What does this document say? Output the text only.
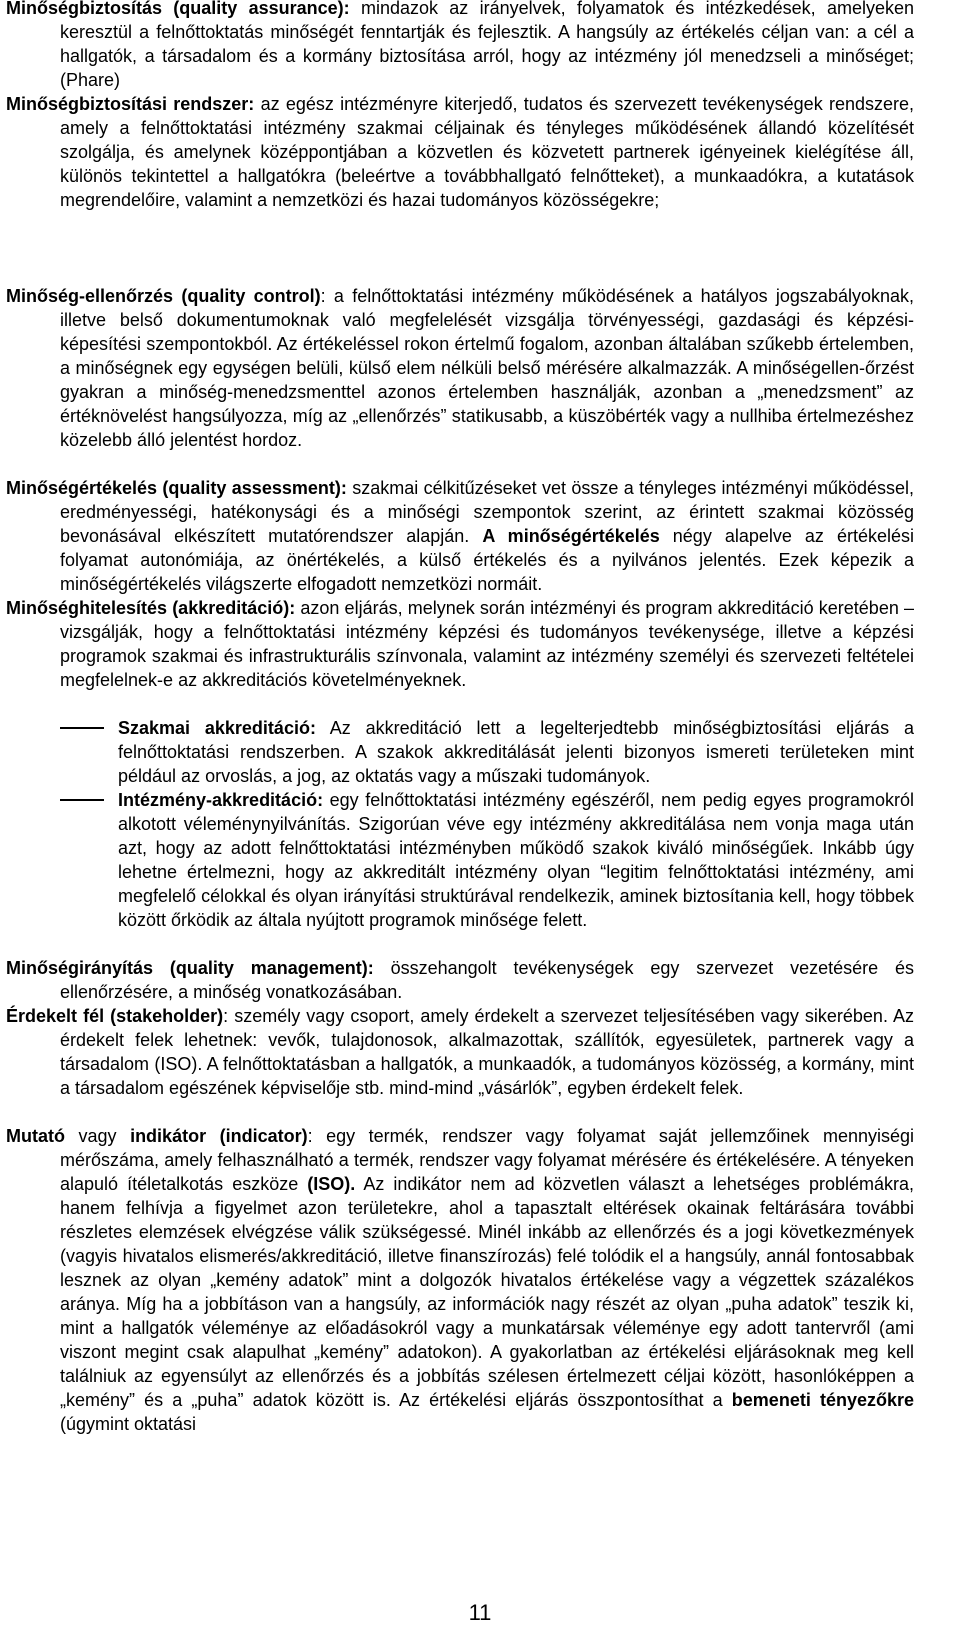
Minőségbiztosítás (quality assurance): mindazok az irányelvek, folyamatok és intézkedések, amelyeken keresztül a felnőttoktatás minőségét fenntartják és fejlesztik. A hangsúly az értékelés céljan van: a cél a hallgatók, a társadalom és a kormány biztosítása arról, hogy az intézmény jól menedzseli a minőséget; (Phare)

Minőségbiztosítási rendszer: az egész intézményre kiterjedő, tudatos és szervezett tevékenységek rendszere, amely a felnőttoktatási intézmény szakmai céljainak és tényleges működésének állandó közelítését szolgálja, és amelynek középpontjában a közvetlen és közvetett partnerek igényeinek kielégítése áll, különös tekintettel a hallgatókra (beleértve a továbbhallgató felnőtteket), a munkaadókra, a kutatások megrendelőire, valamint a nemzetközi és hazai tudományos közösségekre;

Minőség-ellenőrzés (quality control): a felnőttoktatási intézmény működésének a hatályos jogszabályoknak, illetve belső dokumentumoknak való megfelelését vizsgálja törvényességi, gazdasági és képzési-képesítési szempontokból. Az értékeléssel rokon értelmű fogalom, azonban általában szűkebb értelemben, a minőségnek egy egységen belüli, külső elem nélküli belső mérésére alkalmazzák. A minőségellen-őrzést gyakran a minőség-menedzsmenttel azonos értelemben használják, azonban a „menedzsment” az értéknövelést hangsúlyozza, míg az „ellenőrzés” statikusabb, a küszöbérték vagy a nullhiba értelmezéshez közelebb álló jelentést hordoz.

Minőségértékelés (quality assessment): szakmai célkitűzéseket vet össze a tényleges intézményi működéssel, eredményességi, hatékonysági és a minőségi szempontok szerint, az érintett szakmai közösség bevonásával elkészített mutatórendszer alapján. A minőségértékelés négy alapelve az értékelési folyamat autonómiája, az önértékelés, a külső értékelés és a nyilvános jelentés. Ezek képezik a minőségértékelés világszerte elfogadott nemzetközi normáit.

Minőséghitelesítés (akkreditáció): azon eljárás, melynek során intézményi és program akkreditáció keretében – vizsgálják, hogy a felnőttoktatási intézmény képzési és tudományos tevékenysége, illetve a képzési programok szakmai és infrastrukturális színvonala, valamint az intézmény személyi és szervezeti feltételei megfelelnek-e az akkreditációs követelményeknek.

Szakmai akkreditáció: Az akkreditáció lett a legelterjedtebb minőségbiztosítási eljárás a felnőttoktatási rendszerben. A szakok akkreditálását jelenti bizonyos ismereti területeken mint például az orvoslás, a jog, az oktatás vagy a műszaki tudományok.

Intézmény-akkreditáció: egy felnőttoktatási intézmény egészéről, nem pedig egyes programokról alkotott véleménynyilvánítás. Szigorúan véve egy intézmény akkreditálása nem vonja maga után azt, hogy az adott felnőttoktatási intézményben működő szakok kiváló minőségűek. Inkább úgy lehetne értelmezni, hogy az akkreditált intézmény olyan “legitim felnőttoktatási intézmény, ami megfelelő célokkal és olyan irányítási struktúrával rendelkezik, aminek biztosítania kell, hogy többek között őrködik az általa nyújtott programok minősége felett.

Minőségirányítás (quality management): összehangolt tevékenységek egy szervezet vezetésére és ellenőrzésére, a minőség vonatkozásában.

Érdekelt fél (stakeholder): személy vagy csoport, amely érdekelt a szervezet teljesítésében vagy sikerében. Az érdekelt felek lehetnek: vevők, tulajdonosok, alkalmazottak, szállítók, egyesületek, partnerek vagy a társadalom (ISO). A felnőttoktatásban a hallgatók, a munkaadók, a tudományos közösség, a kormány, mint a társadalom egészének képviselője stb. mind-mind „vásárlók”, egyben érdekelt felek.

Mutató vagy indikátor (indicator): egy termék, rendszer vagy folyamat saját jellemzőinek mennyiségi mérőszáma, amely felhasználható a termék, rendszer vagy folyamat mérésére és értékelésére. A tényeken alapuló ítéletalkotás eszköze (ISO). Az indikátor nem ad közvetlen választ a lehetséges problémákra, hanem felhívja a figyelmet azon területekre, ahol a tapasztalt eltérések okainak feltárására további részletes elemzések elvégzése válik szükségessé. Minél inkább az ellenőrzés és a jogi következmények (vagyis hivatalos elismerés/akkreditáció, illetve finanszírozás) felé tolódik el a hangsúly, annál fontosabbak lesznek az olyan „kemény adatok” mint a dolgozók hivatalos értékelése vagy a végzettek százalékos aránya. Míg ha a jobbításon van a hangsúly, az információk nagy részét az olyan „puha adatok” teszik ki, mint a hallgatók véleménye az előadásokról vagy a munkatársak véleménye egy adott tantervről (ami viszont megint csak alapulhat „kemény” adatokon). A gyakorlatban az értékelési eljárásoknak meg kell találniuk az egyensúlyt az ellenőrzés és a jobbítás szélesen értelmezett céljai között, hasonlóképpen a „kemény” és a „puha” adatok között is. Az értékelési eljárás összpontosíthat a bemeneti tényezőkre (úgymint oktatási

11
